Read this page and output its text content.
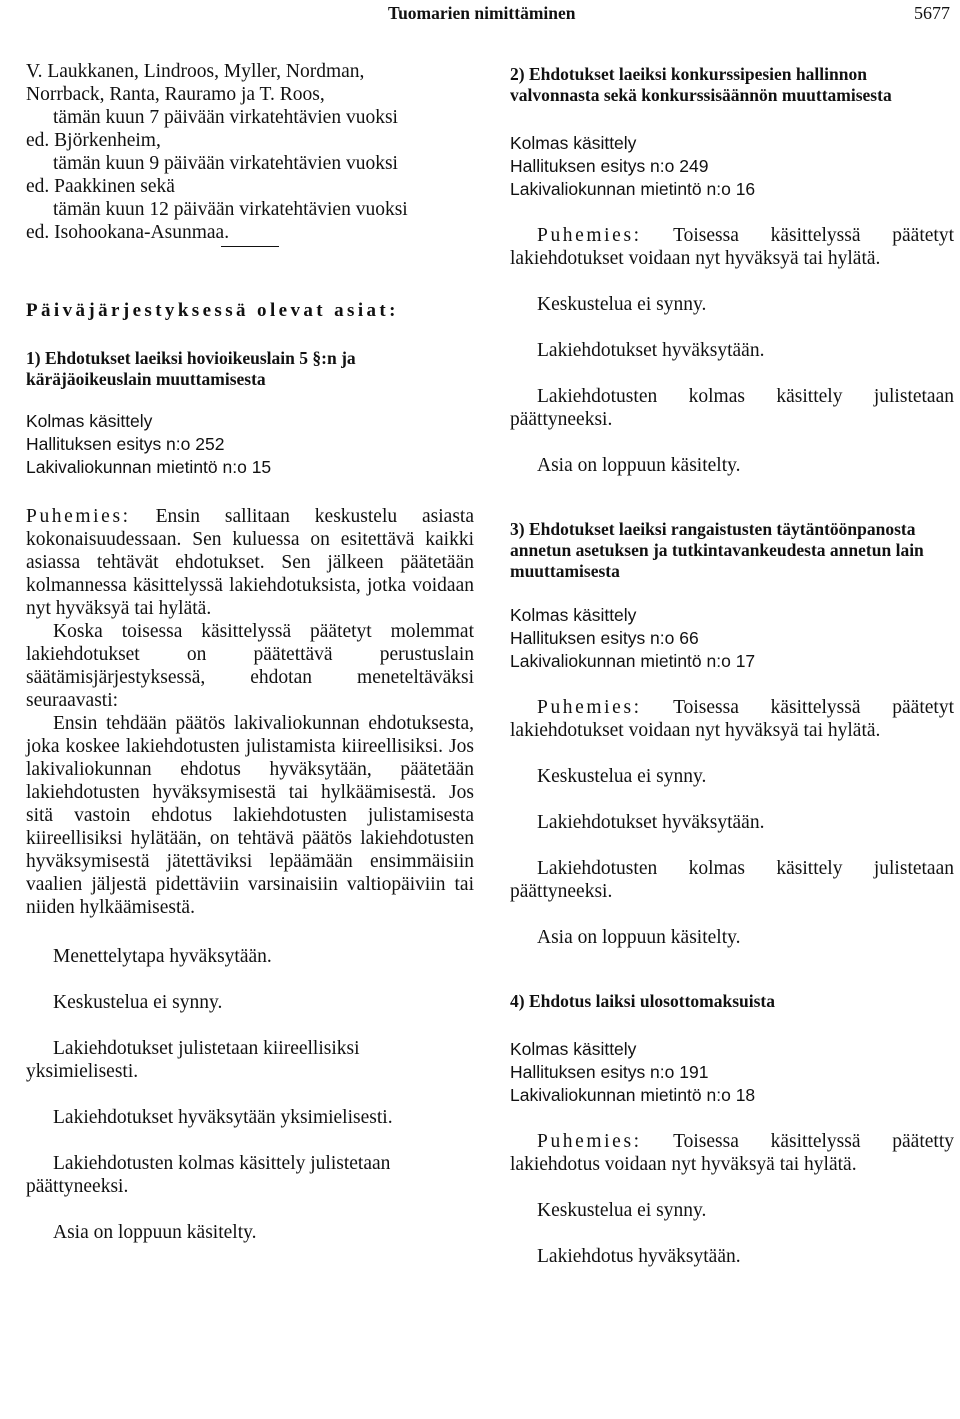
Tuomarien nimittäminen	5677

V. Laukkanen, Lindroos, Myller, Nordman,

Norrback, Ranta, Rauramo ja T. Roos,

tämän kuun 7 päivään virkatehtävien vuoksi

ed. Björkenheim,

tämän kuun 9 päivään virkatehtävien vuoksi

ed. Paakkinen sekä

tämän kuun 12 päivään virkatehtävien vuoksi

ed. Isohookana-Asunmaa.

Päiväjärjestyksessä olevat asiat:

1) Ehdotukset laeiksi hovioikeuslain 5 §:n ja käräjäoikeuslain muuttamisesta

Kolmas käsittely

Hallituksen esitys n:o 252

Lakivaliokunnan mietintö n:o 15

Puhemies: Ensin sallitaan keskustelu asiasta kokonaisuudessaan. Sen kuluessa on esitettävä kaikki asiassa tehtävät ehdotukset. Sen jälkeen päätetään kolmannessa käsittelyssä lakiehdotuksista, jotka voidaan nyt hyväksyä tai hylätä.

Koska toisessa käsittelyssä päätetyt molemmat lakiehdotukset on päätettävä perustuslain säätämisjärjestyksessä, ehdotan meneteltäväksi seuraavasti:

Ensin tehdään päätös lakivaliokunnan ehdotuksesta, joka koskee lakiehdotusten julistamista kiireellisiksi. Jos lakivaliokunnan ehdotus hyväksytään, päätetään lakiehdotusten hyväksymisestä tai hylkäämisestä. Jos sitä vastoin ehdotus lakiehdotusten julistamisesta kiireellisiksi hylätään, on tehtävä päätös lakiehdotusten hyväksymisestä jätettäviksi lepäämään ensimmäisiin vaalien jäljestä pidettäviin varsinaisiin valtiopäiviin tai niiden hylkäämisestä.

Menettelytapa hyväksytään.

Keskustelua ei synny.

Lakiehdotukset julistetaan kiireellisiksi yksimielisesti.

Lakiehdotukset hyväksytään yksimielisesti.

Lakiehdotusten kolmas käsittely julistetaan päättyneeksi.

Asia on loppuun käsitelty.

2) Ehdotukset laeiksi konkurssipesien hallinnon valvonnasta sekä konkurssisäännön muuttamisesta

Kolmas käsittely

Hallituksen esitys n:o 249

Lakivaliokunnan mietintö n:o 16

Puhemies: Toisessa käsittelyssä päätetyt lakiehdotukset voidaan nyt hyväksyä tai hylätä.

Keskustelua ei synny.

Lakiehdotukset hyväksytään.

Lakiehdotusten kolmas käsittely julistetaan päättyneeksi.

Asia on loppuun käsitelty.

3) Ehdotukset laeiksi rangaistusten täytäntöönpanosta annetun asetuksen ja tutkintavankeudesta annetun lain muuttamisesta

Kolmas käsittely

Hallituksen esitys n:o 66

Lakivaliokunnan mietintö n:o 17

Puhemies: Toisessa käsittelyssä päätetyt lakiehdotukset voidaan nyt hyväksyä tai hylätä.

Keskustelua ei synny.

Lakiehdotukset hyväksytään.

Lakiehdotusten kolmas käsittely julistetaan päättyneeksi.

Asia on loppuun käsitelty.

4) Ehdotus laiksi ulosottomaksuista

Kolmas käsittely

Hallituksen esitys n:o 191

Lakivaliokunnan mietintö n:o 18

Puhemies: Toisessa käsittelyssä päätetty lakiehdotus voidaan nyt hyväksyä tai hylätä.

Keskustelua ei synny.

Lakiehdotus hyväksytään.
